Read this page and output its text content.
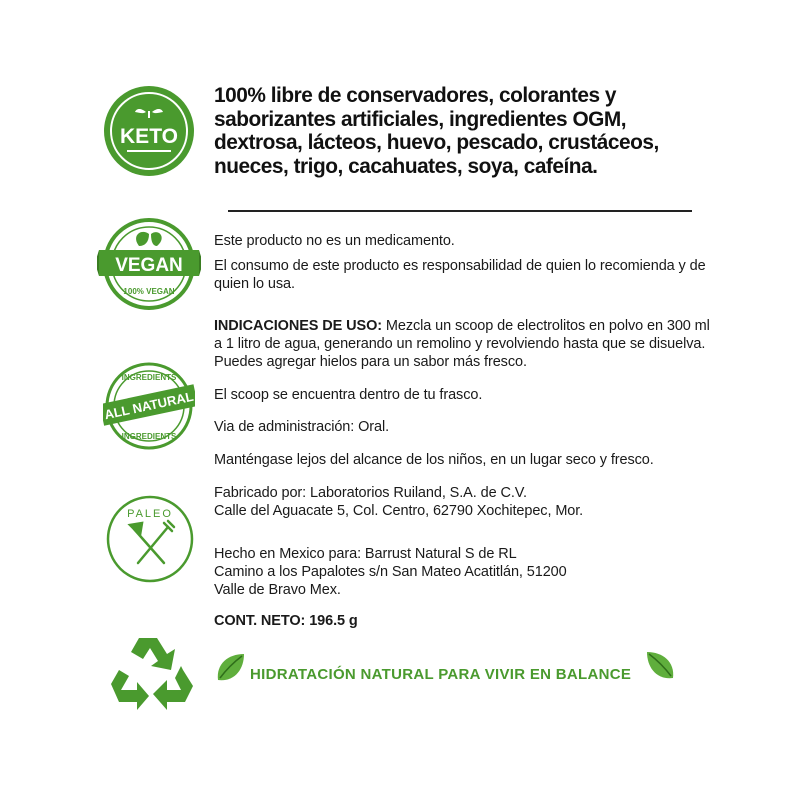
KETO
VEGAN
100% VEGAN
INGREDIENTS
ALL NATURAL
INGREDIENTS
PALEO
100% libre de conservadores, colorantes y saborizantes artificiales, ingredientes OGM, dextrosa, lácteos, huevo, pescado, crustáceos, nueces, trigo, cacahuates, soya, cafeína.
Este producto no es un medicamento.
El consumo de este producto es responsabilidad de quien lo recomienda y de quien lo usa.
INDICACIONES DE USO: Mezcla un scoop de electrolitos en polvo en 300 ml a 1 litro de agua, generando un remolino y revolviendo hasta que se disuelva. Puedes agregar hielos para un sabor más fresco.
El scoop se encuentra dentro de tu frasco.
Via de administración: Oral.
Manténgase lejos del alcance de los niños, en un lugar seco y fresco.
Fabricado por: Laboratorios Ruiland, S.A. de C.V.
Calle del Aguacate 5, Col. Centro, 62790 Xochitepec, Mor.
Hecho en Mexico para: Barrust Natural S de RL
Camino a los Papalotes s/n San Mateo Acatitlán, 51200
Valle de Bravo Mex.
CONT. NETO: 196.5 g
HIDRATACIÓN NATURAL PARA VIVIR EN BALANCE
